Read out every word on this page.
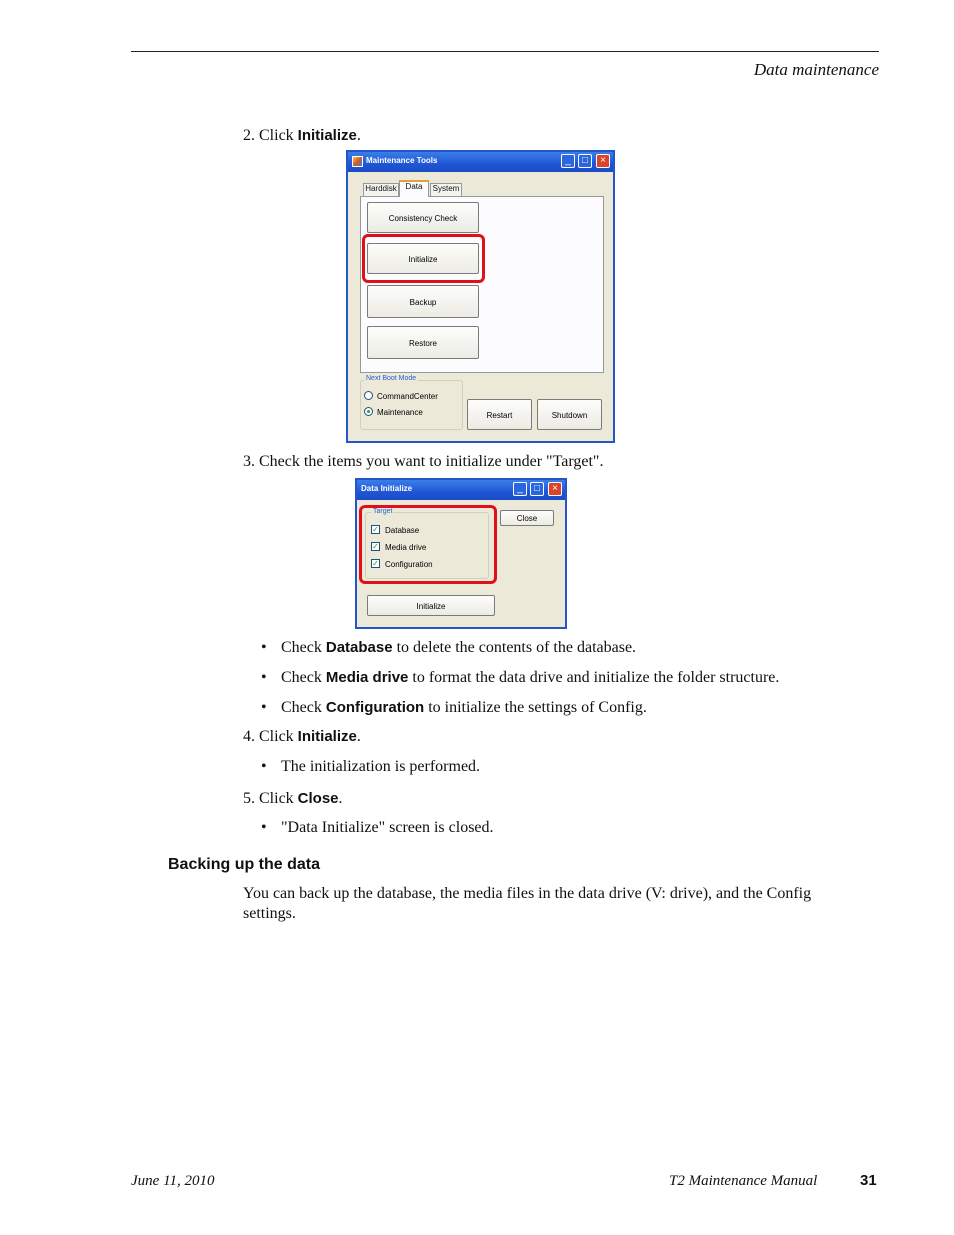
Data maintenance
2. Click Initialize.
Maintenance Tools	_	□	×
Harddisk	Data	System
Consistency Check
Initialize
Backup
Restore
Next Boot Mode
CommandCenter
Maintenance	Restart	Shutdown
3. Check the items you want to initialize under "Target".
Data Initialize	_	□	×
Target
✓ Database
✓ Media drive
✓ Configuration
Close
Initialize
• Check Database to delete the contents of the database.
• Check Media drive to format the data drive and initialize the folder structure.
• Check Configuration to initialize the settings of Config.
4. Click Initialize.
• The initialization is performed.
5. Click Close.
• "Data Initialize" screen is closed.
Backing up the data
You can back up the database, the media files in the data drive (V: drive), and the Config settings.
June 11, 2010	T2 Maintenance Manual	31
